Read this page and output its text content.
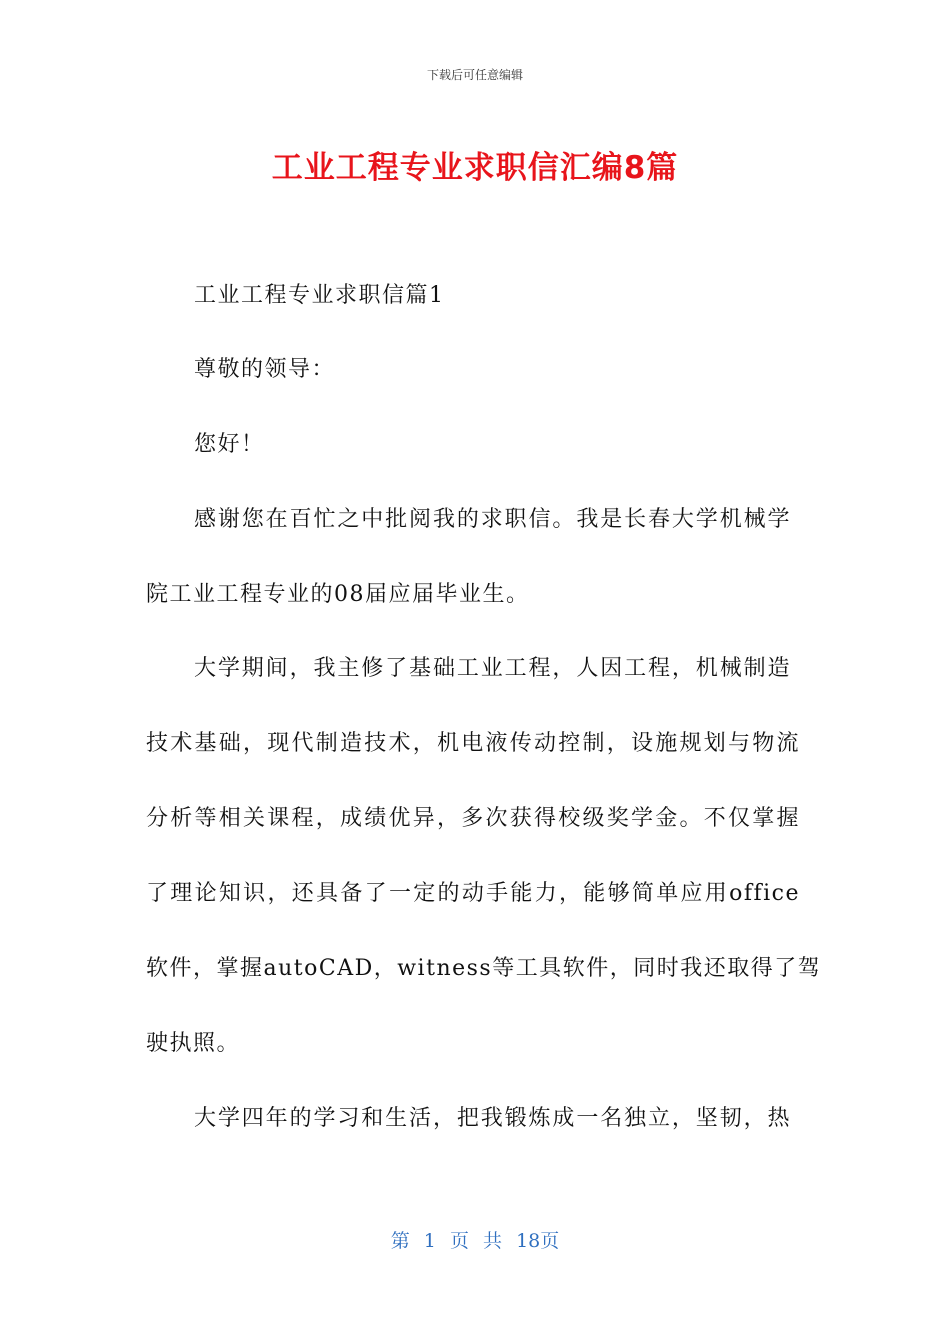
下载后可任意编辑
工业工程专业求职信汇编8篇
工业工程专业求职信篇1
尊敬的领导：
您好！
感谢您在百忙之中批阅我的求职信。我是长春大学机械学
院工业工程专业的08届应届毕业生。
大学期间，我主修了基础工业工程，人因工程，机械制造
技术基础，现代制造技术，机电液传动控制，设施规划与物流
分析等相关课程，成绩优异，多次获得校级奖学金。不仅掌握
了理论知识，还具备了一定的动手能力，能够简单应用office
软件，掌握autoCAD，witness等工具软件，同时我还取得了驾
驶执照。
大学四年的学习和生活，把我锻炼成一名独立，坚韧，热
第 1 页 共 18页
